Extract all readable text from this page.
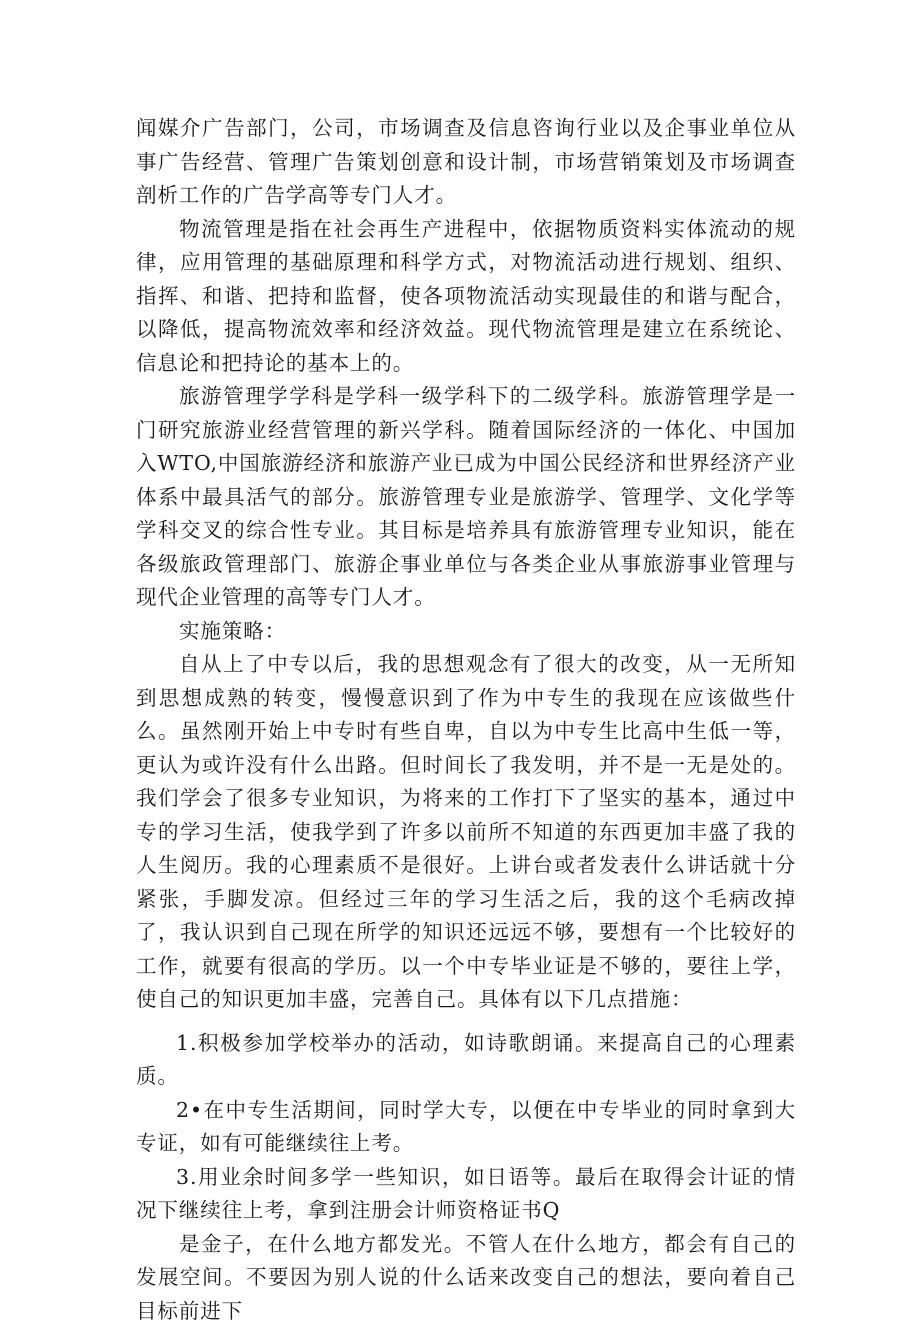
闻媒介广告部门，公司，市场调查及信息咨询行业以及企事业单位从事广告经营、管理广告策划创意和设计制，市场营销策划及市场调查剖析工作的广告学高等专门人才。

物流管理是指在社会再生产进程中，依据物质资料实体流动的规律，应用管理的基础原理和科学方式，对物流活动进行规划、组织、指挥、和谐、把持和监督，使各项物流活动实现最佳的和谐与配合，以降低，提高物流效率和经济效益。现代物流管理是建立在系统论、信息论和把持论的基本上的。

旅游管理学学科是学科一级学科下的二级学科。旅游管理学是一门研究旅游业经营管理的新兴学科。随着国际经济的一体化、中国加入WTO,中国旅游经济和旅游产业已成为中国公民经济和世界经济产业体系中最具活气的部分。旅游管理专业是旅游学、管理学、文化学等学科交叉的综合性专业。其目标是培养具有旅游管理专业知识，能在各级旅政管理部门、旅游企事业单位与各类企业从事旅游事业管理与现代企业管理的高等专门人才。

实施策略：

自从上了中专以后，我的思想观念有了很大的改变，从一无所知到思想成熟的转变，慢慢意识到了作为中专生的我现在应该做些什么。虽然刚开始上中专时有些自卑，自以为中专生比高中生低一等，更认为或许没有什么出路。但时间长了我发明，并不是一无是处的。我们学会了很多专业知识，为将来的工作打下了坚实的基本，通过中专的学习生活，使我学到了许多以前所不知道的东西更加丰盛了我的人生阅历。我的心理素质不是很好。上讲台或者发表什么讲话就十分紧张，手脚发凉。但经过三年的学习生活之后，我的这个毛病改掉了，我认识到自己现在所学的知识还远远不够，要想有一个比较好的工作，就要有很高的学历。以一个中专毕业证是不够的，要往上学，使自己的知识更加丰盛，完善自己。具体有以下几点措施：

1.积极参加学校举办的活动，如诗歌朗诵。来提高自己的心理素质。

2•在中专生活期间，同时学大专，以便在中专毕业的同时拿到大专证，如有可能继续往上考。

3.用业余时间多学一些知识，如日语等。最后在取得会计证的情况下继续往上考，拿到注册会计师资格证书Q

是金子，在什么地方都发光。不管人在什么地方，都会有自己的发展空间。不要因为别人说的什么话来改变自己的想法，要向着自己目标前进下
